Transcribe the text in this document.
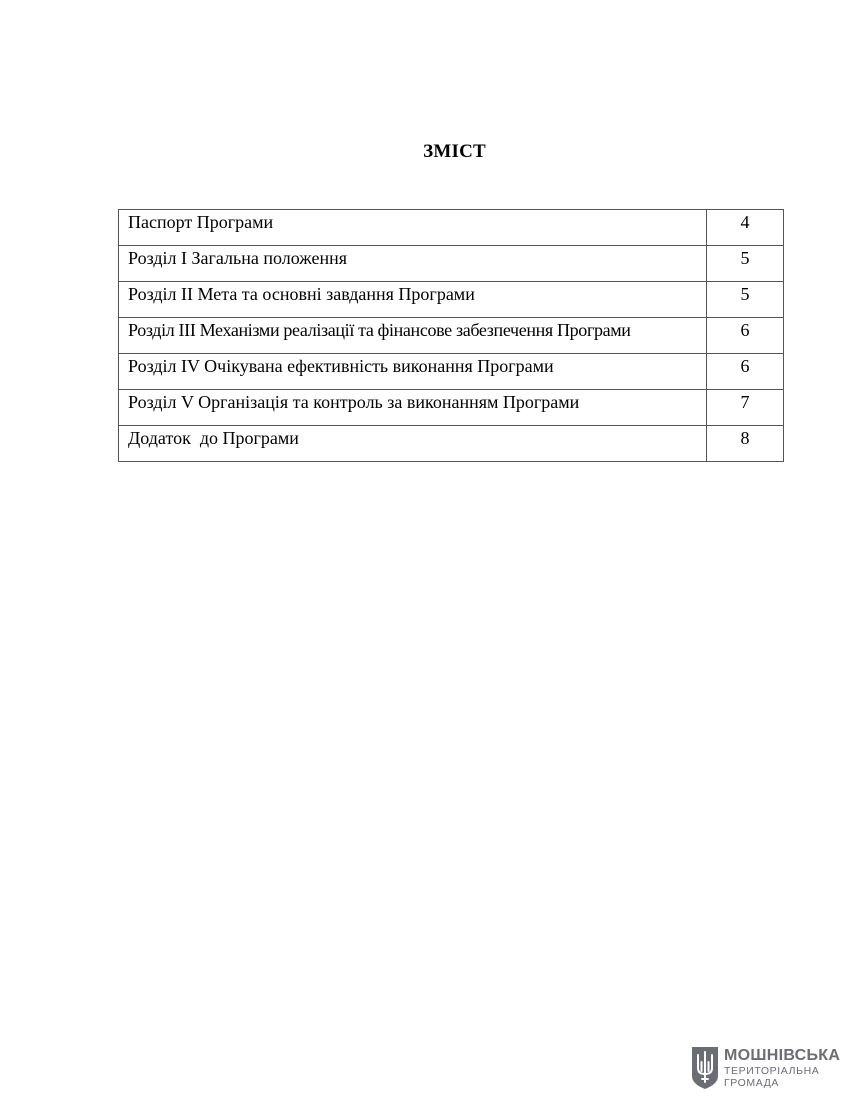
ЗМІСТ
Паспорт Програми	4
Розділ I Загальна положення	5
Розділ II Мета та основні завдання Програми	5
Розділ III Механізми реалізації та фінансове забезпечення Програми	6
Розділ IV Очікувана ефективність виконання Програми	6
Розділ V Організація та контроль за виконанням Програми	7
Додаток  до Програми	8
МОШНІВСЬКА
ТЕРИТОРІАЛЬНА
ГРОМАДА
